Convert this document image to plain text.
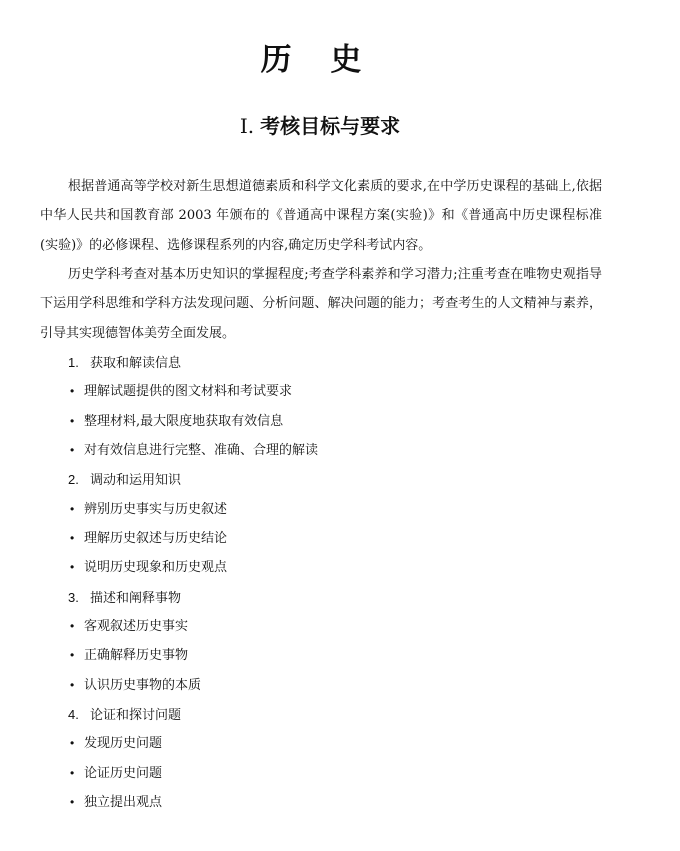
历 史
Ⅰ. 考核目标与要求

根据普通高等学校对新生思想道德素质和科学文化素质的要求,在中学历史课程的基础上,依据中华人民共和国教育部 2003 年颁布的《普通高中课程方案(实验)》和《普通高中历史课程标准(实验)》的必修课程、选修课程系列的内容,确定历史学科考试内容。

历史学科考查对基本历史知识的掌握程度;考查学科素养和学习潜力;注重考查在唯物史观指导下运用学科思维和学科方法发现问题、分析问题、解决问题的能力；考查考生的人文精神与素养，引导其实现德智体美劳全面发展。

1. 获取和解读信息
• 理解试题提供的图文材料和考试要求
• 整理材料,最大限度地获取有效信息
• 对有效信息进行完整、准确、合理的解读
2. 调动和运用知识
• 辨别历史事实与历史叙述
• 理解历史叙述与历史结论
• 说明历史现象和历史观点
3. 描述和阐释事物
• 客观叙述历史事实
• 正确解释历史事物
• 认识历史事物的本质
4. 论证和探讨问题
• 发现历史问题
• 论证历史问题
• 独立提出观点
